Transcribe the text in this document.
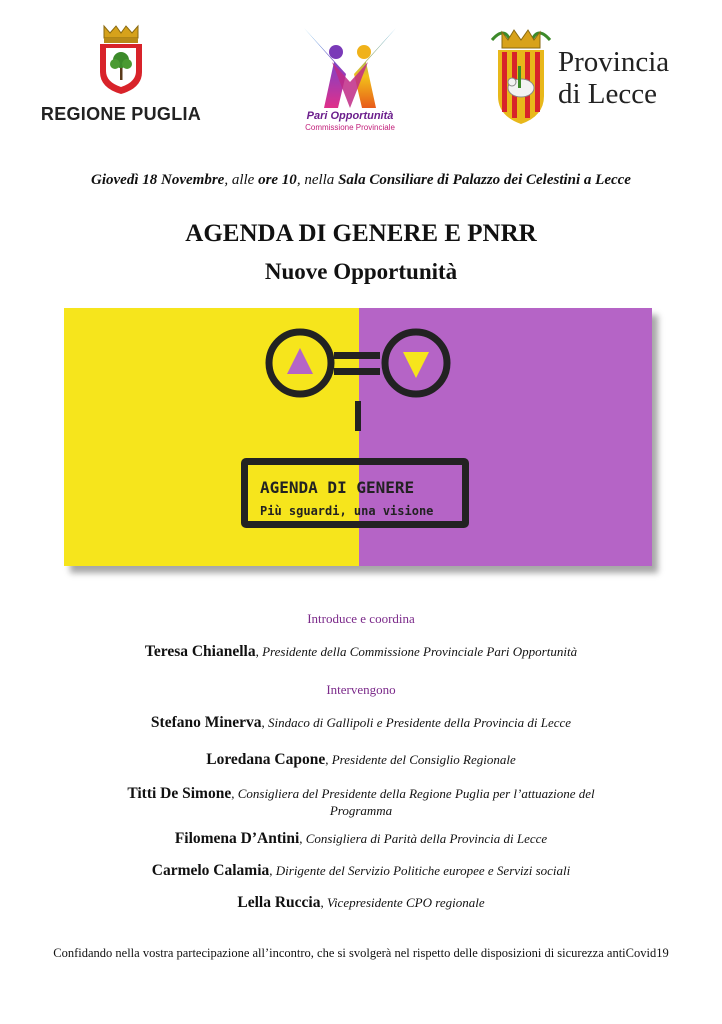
REGIONE PUGLIA	Pari Opportunità
Commissione Provinciale
Provincia
di Lecce
Giovedì 18 Novembre, alle ore 10, nella Sala Consiliare di Palazzo dei Celestini a Lecce
AGENDA DI GENERE E PNRR
Nuove Opportunità
AGENDA DI GENERE
Più sguardi, una visione
Introduce e coordina
Teresa Chianella, Presidente della Commissione Provinciale Pari Opportunità
Intervengono
Stefano Minerva, Sindaco di Gallipoli e Presidente della Provincia di Lecce
Loredana Capone, Presidente del Consiglio Regionale
Titti De Simone, Consigliera del Presidente della Regione Puglia per l’attuazione del
Programma
Filomena D’Antini, Consigliera di Parità della Provincia di Lecce
Carmelo Calamia, Dirigente del Servizio Politiche europee e Servizi sociali
Lella Ruccia, Vicepresidente CPO regionale
Confidando nella vostra partecipazione all’incontro, che si svolgerà nel rispetto delle disposizioni di sicurezza antiCovid19
